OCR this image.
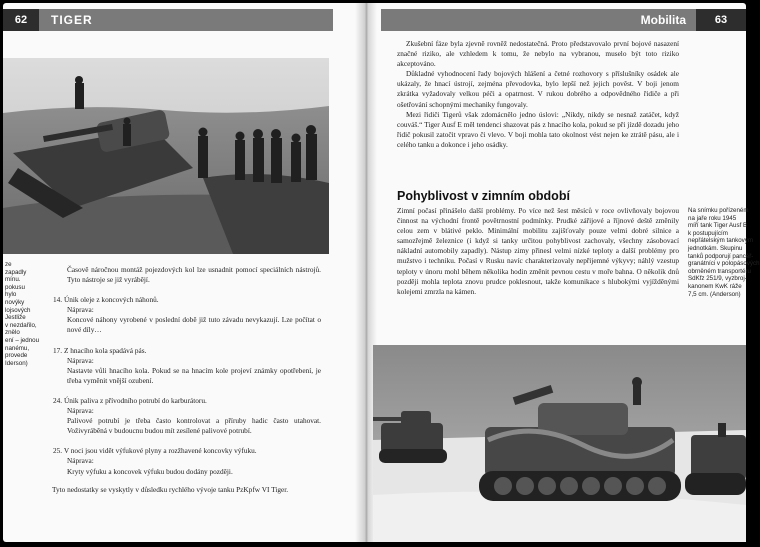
62	TIGER
ze
zapadly
mínu.
pokusu
hylo
novýky
lojsových
Jestliže
v nezdařilo,
znělo
ení – jednou
nanému,
provede
Iderson)

Časově náročnou montáž pojezdových kol lze usnadnit pomocí speciálních nástrojů. Tyto nástroje se již vyrábějí.

14. Únik oleje z koncových náhonů.
Nápravа:
Koncové náhony vyrobené v poslední době již tuto závadu nevykazují. Lze počítat o nové díly…
17. Z hnacího kola spadává pás.
Náprava:
Nastavte vůli hnacího kola. Pokud se na hnacím kole projeví známky opotřebení, je třeba vyměnit vnější ozubení.
24. Únik paliva z přívodního potrubí do karburátoru.
Náprava:
Palivové potrubí je třeba často kontrolovat a příruby hadic často utahovat. Voživyráběná v budoucnu budou mít zesílené palivové potrubí.
25. V noci jsou vidět výfukové plyny a rozžhavené koncovky výfuku.
Náprava:
Kryty výfuku a koncovek výfuku budou dodány později.

Tyto nedostatky se vyskytly v důsledku rychlého vývoje tanku PzKpfw VI Tiger.

Mobilita	63

Zkušební fáze byla zjevně rovněž nedostatečná. Proto představovalo první bojové nasazení značné riziko, ale vzhledem k tomu, že nebylo na vybranou, muselo být toto riziko akceptováno.

Důkladné vyhodnocení řady bojových hlášení a četné rozhovory s příslušníky osádek ale ukázaly, že hnací ústrojí, zejména převodovka, bylo lepší než jejich pověst. V boji jenom zkrátka vyžadovaly velkou péči a opatrnost. V rukou dobrého a odpovědného řidiče a při ošetřování schopnými mechaniky fungovaly.

Mezi řidiči Tigerů však zdomácnělo jedno úslovi: „Nikdy, nikdy se nesnaž zatáčet, když couváš.“ Tiger Ausf E měl tendenci shazovat pás z hnacího kola, pokud se při jízdě dozadu jeho řidič pokusil zatočit vpravo či vlevo. V boji mohla tato okolnost vést nejen ke ztrátě pásu, ale i celého tanku a dokonce i jeho osádky.

Pohyblivost v zimním období

Zimní počasí přinášelo další problémy. Po více než šest měsíců v roce ovlivňovaly bojovou činnost na východní frontě povětrnostní podmínky. Prudké zářijové a říjnové deště změnily celou zem v blátivé peklo. Minimální mobilitu zajišťovaly pouze velmi dobré silnice a samozřejmě železnice (i když si tanky určitou pohyblivost zachovaly, všechny zásobovací nákladní automobily zapadly). Nástup zimy přinesl velmi nízké teploty a další problémy pro mužstvo i techniku. Počasí v Rusku navíc charakterizovaly nepřijemné výkyvy; náhlý vzestup teploty v únoru mohl během několika hodin změnit pevnou cestu v moře bahna. O několik dnů později mohla teplota znovu prudce poklesnout, takže komunikace s hlubokými vyjížděnými kolejemi zmrzla na kámen.

Na snímku pořízeném
na jaře roku 1945
míří tank Tiger Ausf B
k postupujícím
nepřátelským tankovým
jednotkám. Skupinu
tanků podporují pancéř-
granátníci v polopásových
obrněném transportéru
SdKfz 251/9, vyzbroj-
kanonem KwK ráže
7,5 cm. (Anderson)
